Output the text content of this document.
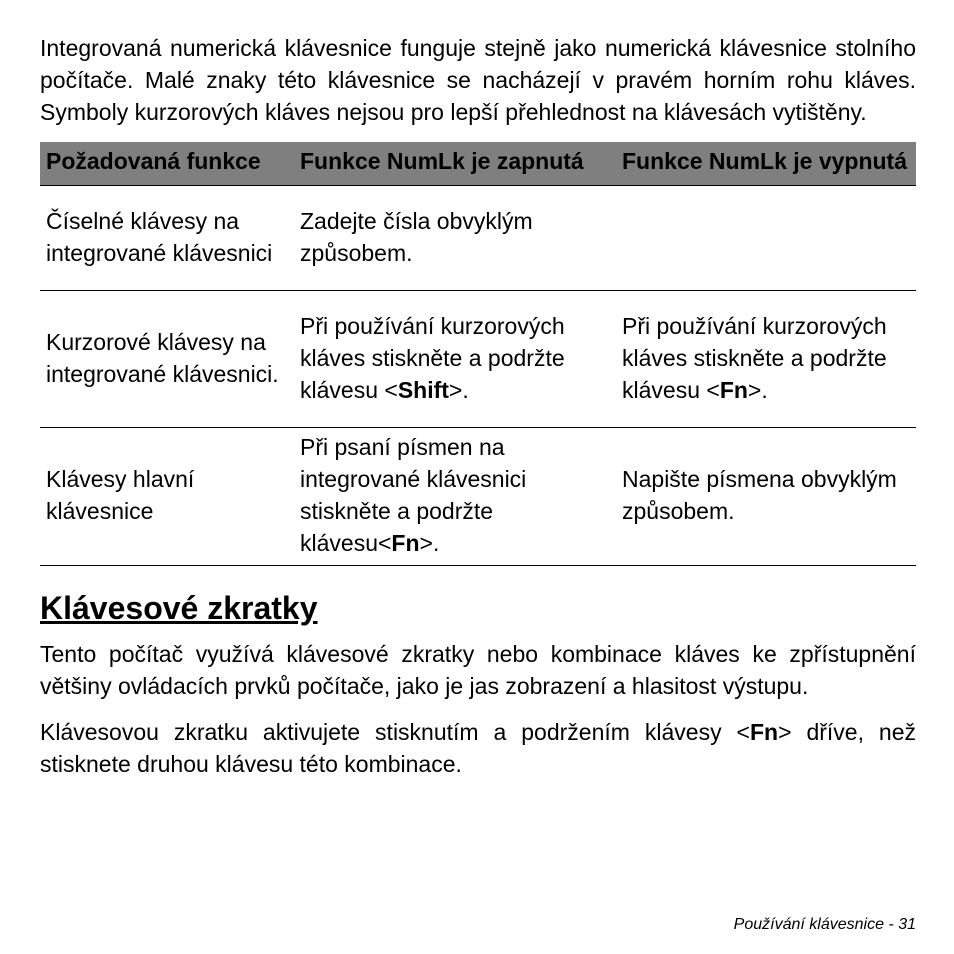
Integrovaná numerická klávesnice funguje stejně jako numerická klávesnice stolního počítače. Malé znaky této klávesnice se nacházejí v pravém horním rohu kláves. Symboly kurzorových kláves nejsou pro lepší přehlednost na klávesách vytištěny.

Požadovaná funkce	Funkce NumLk je zapnutá	Funkce NumLk je vypnutá
Číselné klávesy na integrované klávesnici	Zadejte čísla obvyklým způsobem.	
Kurzorové klávesy na integrované klávesnici.	Při používání kurzorových kláves stiskněte a podržte klávesu <Shift>.	Při používání kurzorových kláves stiskněte a podržte klávesu <Fn>.
Klávesy hlavní klávesnice	Při psaní písmen na integrované klávesnici stiskněte a podržte klávesu<Fn>.	Napište písmena obvyklým způsobem.
Klávesové zkratky

Tento počítač využívá klávesové zkratky nebo kombinace kláves ke zpřístupnění většiny ovládacích prvků počítače, jako je jas zobrazení a hlasitost výstupu.

Klávesovou zkratku aktivujete stisknutím a podržením klávesy <Fn> dříve, než stisknete druhou klávesu této kombinace.

Používání klávesnice - 31
